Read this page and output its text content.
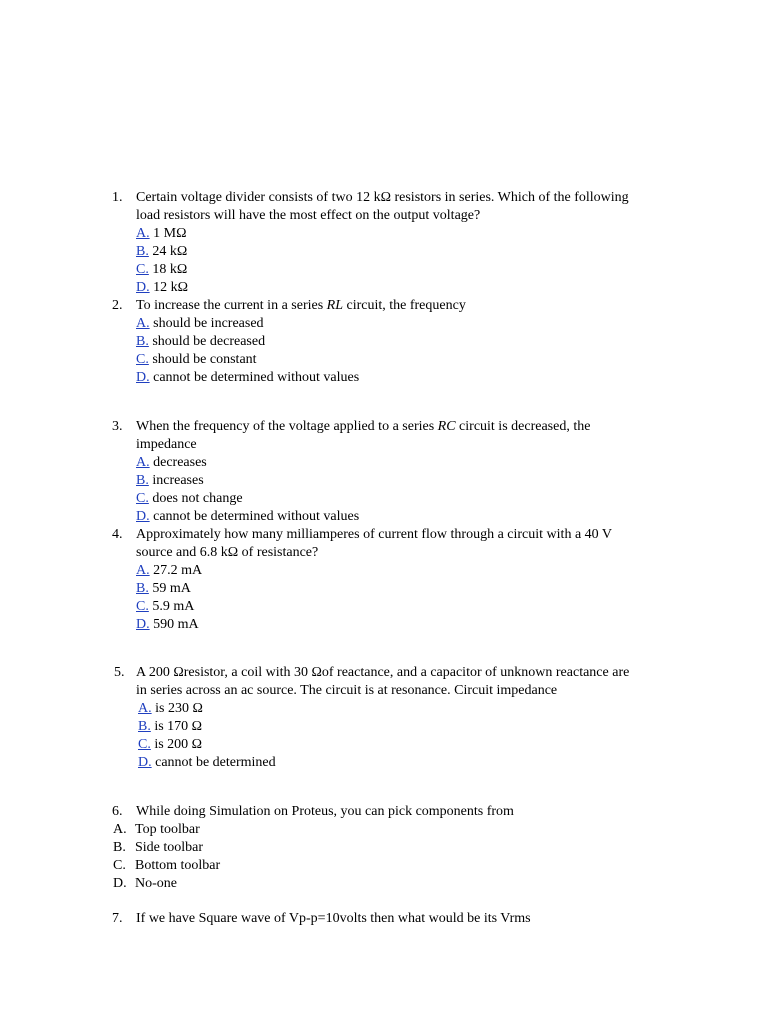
1. Certain voltage divider consists of two 12 kΩ resistors in series. Which of the following
load resistors will have the most effect on the output voltage?
A. 1 MΩ
B. 24 kΩ
C. 18 kΩ
D. 12 kΩ
2. To increase the current in a series RL circuit, the frequency
A. should be increased
B. should be decreased
C. should be constant
D. cannot be determined without values
3. When the frequency of the voltage applied to a series RC circuit is decreased, the
impedance
A. decreases
B. increases
C. does not change
D. cannot be determined without values
4. Approximately how many milliamperes of current flow through a circuit with a 40 V
source and 6.8 kΩ of resistance?
A. 27.2 mA
B. 59 mA
C. 5.9 mA
D. 590 mA
5. A 200 Ωresistor, a coil with 30 Ωof reactance, and a capacitor of unknown reactance are
in series across an ac source. The circuit is at resonance. Circuit impedance
A. is 230 Ω
B. is 170 Ω
C. is 200 Ω
D. cannot be determined
6. While doing Simulation on Proteus, you can pick components from
A. Top toolbar
B. Side toolbar
C. Bottom toolbar
D. No-one
7. If we have Square wave of Vp-p=10volts then what would be its Vrms
